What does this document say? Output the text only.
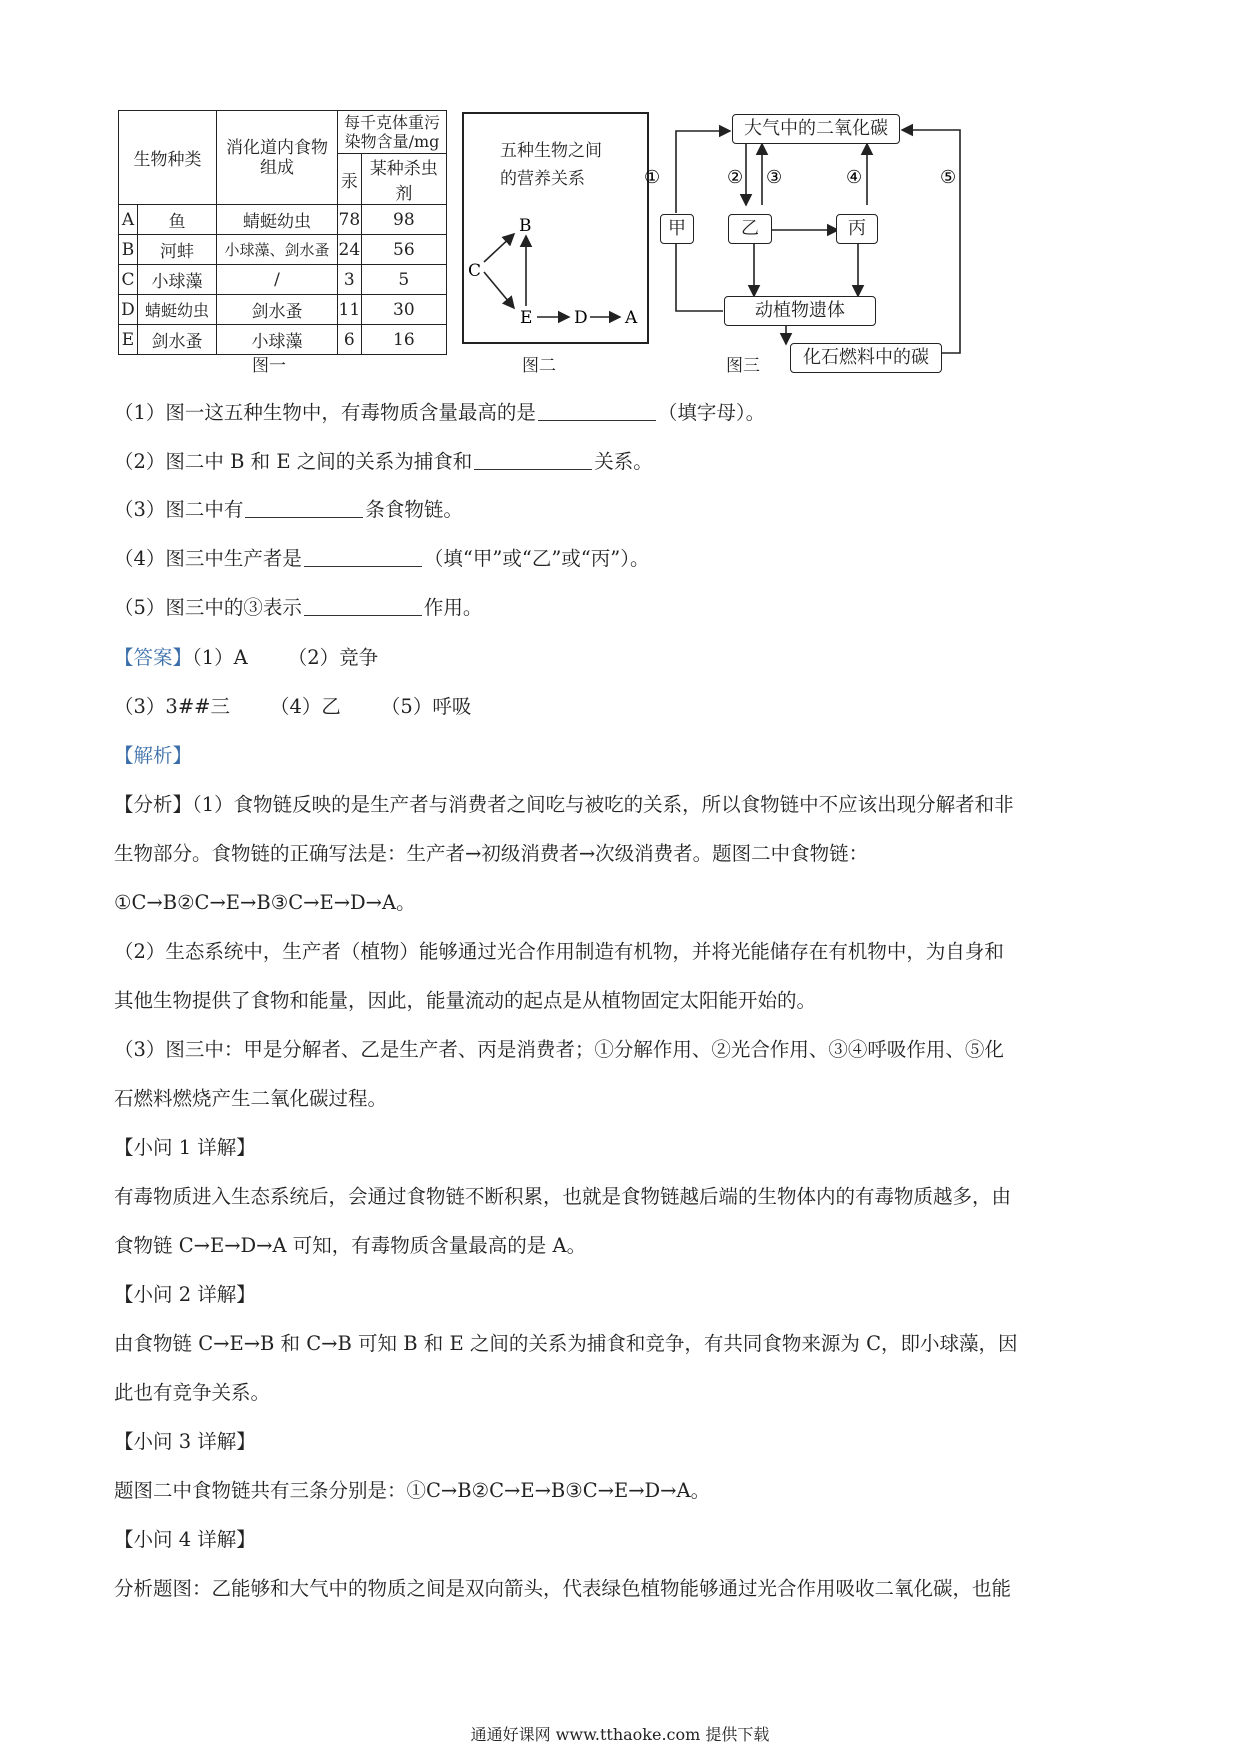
生物种类		消化道内食物组成	每千克体重污染物含量/mg	
			汞	某种杀虫剂
A	鱼	蜻蜓幼虫	78	98
B	河蚌	小球藻、剑水蚤	24	56
C	小球藻	/	3	5
D	蜻蜓幼虫	剑水蚤	11	30
E	剑水蚤	小球藻	6	16
图一
五种生物之间
的营养关系
C
B
E D A
图二
①	② ③	④	⑤
大气中的二氧化碳
甲	乙	丙
动植物遗体
化石燃料中的碳
图三
（1）图一这五种生物中，有毒物质含量最高的是	（填字母）。
（2）图二中 B 和 E 之间的关系为捕食和	关系。
（3）图二中有	条食物链。
（4）图三中生产者是	（填“甲”或“乙”或“丙”）。
（5）图三中的③表示	作用。
【答案】（1）A （2）竞争
（3）3##三 （4）乙 （5）呼吸
【解析】
【分析】（1）食物链反映的是生产者与消费者之间吃与被吃的关系，所以食物链中不应该出现分解者和非
生物部分。食物链的正确写法是：生产者→初级消费者→次级消费者。题图二中食物链：
①C→B②C→E→B③C→E→D→A。
（2）生态系统中，生产者（植物）能够通过光合作用制造有机物，并将光能储存在有机物中，为自身和
其他生物提供了食物和能量，因此，能量流动的起点是从植物固定太阳能开始的。
（3）图三中：甲是分解者、乙是生产者、丙是消费者；①分解作用、②光合作用、③④呼吸作用、⑤化
石燃料燃烧产生二氧化碳过程。
【小问 1 详解】
有毒物质进入生态系统后，会通过食物链不断积累，也就是食物链越后端的生物体内的有毒物质越多，由
食物链 C→E→D→A 可知，有毒物质含量最高的是 A。
【小问 2 详解】
由食物链 C→E→B 和 C→B 可知 B 和 E 之间的关系为捕食和竞争，有共同食物来源为 C，即小球藻，因
此也有竞争关系。
【小问 3 详解】
题图二中食物链共有三条分别是：①C→B②C→E→B③C→E→D→A。
【小问 4 详解】
分析题图：乙能够和大气中的物质之间是双向箭头，代表绿色植物能够通过光合作用吸收二氧化碳，也能
通通好课网 www.tthaoke.com 提供下载
